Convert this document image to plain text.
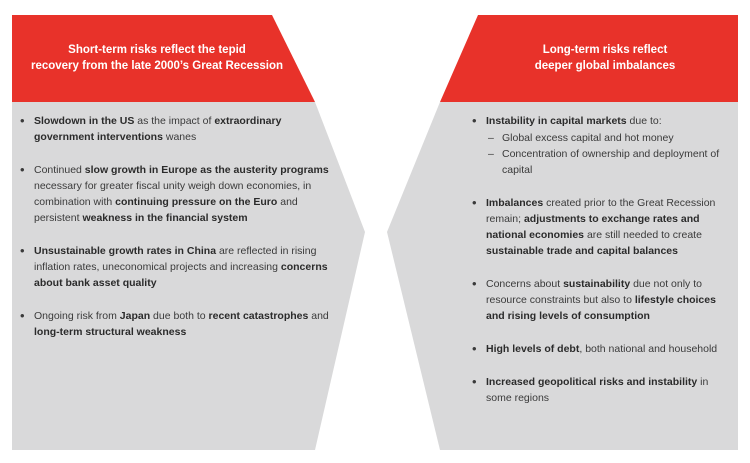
Short-term risks reflect the tepid
recovery from the late 2000’s Great Recession
Long-term risks reflect
deeper global imbalances
• Slowdown in the US as the impact of extraordinary government interventions wanes
• Continued slow growth in Europe as the austerity programs necessary for greater fiscal unity weigh down economies, in combination with continuing pressure on the Euro and persistent weakness in the financial system
• Unsustainable growth rates in China are reflected in rising inflation rates, uneconomical projects and increasing concerns about bank asset quality
• Ongoing risk from Japan due both to recent catastrophes and long-term structural weakness
• Instability in capital markets due to:
– Global excess capital and hot money
– Concentration of ownership and deployment of capital
• Imbalances created prior to the Great Recession remain; adjustments to exchange rates and national economies are still needed to create sustainable trade and capital balances
• Concerns about sustainability due not only to resource constraints but also to lifestyle choices and rising levels of consumption
• High levels of debt, both national and household
• Increased geopolitical risks and instability in some regions
